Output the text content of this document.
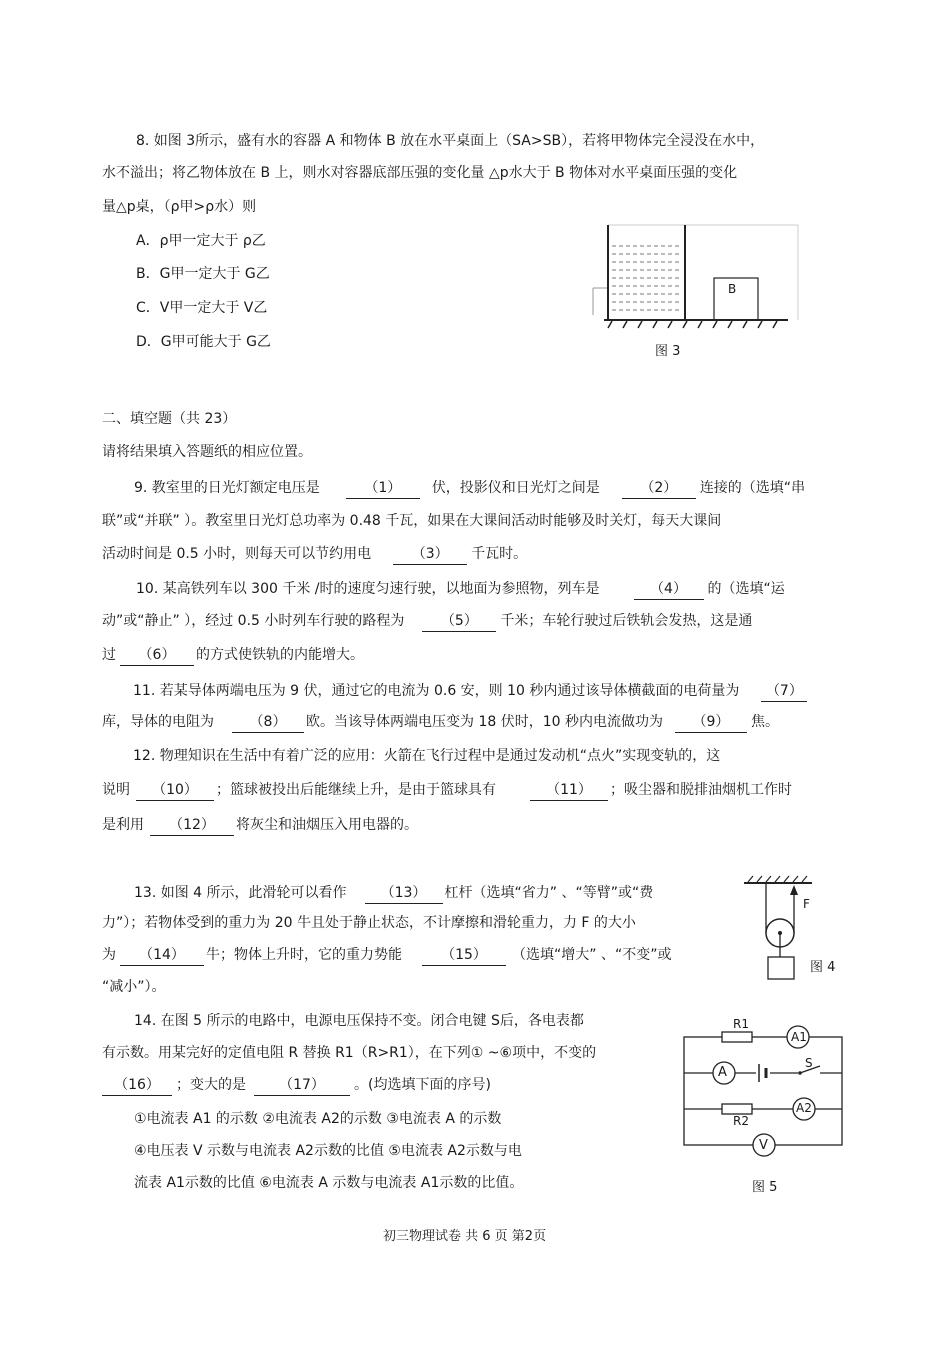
8. 如图 3所示，盛有水的容器 A 和物体 B 放在水平桌面上（SA>SB），若将甲物体完全浸没在水中，
水不溢出；将乙物体放在 B 上，则水对容器底部压强的变化量 △p水大于 B 物体对水平桌面压强的变化
量△p桌，（ρ甲>ρ水）则
A．ρ甲一定大于 ρ乙
B．G甲一定大于 G乙
C．V甲一定大于 V乙
D．G甲可能大于 G乙
B
图 3
二、填空题（共 23）
请将结果填入答题纸的相应位置。
9. 教室里的日光灯额定电压是	（1） 伏，投影仪和日光灯之间是	（2） 连接的（选填“串
联”或“并联” ）。教室里日光灯总功率为 0.48 千瓦，如果在大课间活动时能够及时关灯，每天大课间
活动时间是 0.5 小时，则每天可以节约用电	（3） 千瓦时。
10. 某高铁列车以 300 千米 /时的速度匀速行驶，以地面为参照物，列车是	（4） 的（选填“运
动”或“静止” ），经过 0.5 小时列车行驶的路程为	（5） 千米；车轮行驶过后铁轨会发热，这是通
过 （6） 的方式使铁轨的内能增大。
11. 若某导体两端电压为 9 伏，通过它的电流为 0.6 安，则 10 秒内通过该导体横截面的电荷量为 （7）
库，导体的电阻为	（8） 欧。当该导体两端电压变为 18 伏时，10 秒内电流做功为 （9） 焦。
12. 物理知识在生活中有着广泛的应用：火箭在飞行过程中是通过发动机“点火”实现变轨的，这
说明 （10） ；篮球被投出后能继续上升，是由于篮球具有	（11） ；吸尘器和脱排油烟机工作时
是利用 （12） 将灰尘和油烟压入用电器的。
13. 如图 4 所示，此滑轮可以看作 （13） 杠杆（选填“省力” 、“等臂”或“费
力”）；若物体受到的重力为 20 牛且处于静止状态，不计摩擦和滑轮重力，力 F 的大小
为 （14） 牛；物体上升时，它的重力势能	（15） （选填“增大” 、“不变”或
“减小”）。
F
图 4
14. 在图 5 所示的电路中，电源电压保持不变。闭合电键 S后，各电表都
有示数。用某完好的定值电阻 R 替换 R1（R>R1），在下列① ~⑥项中，不变的
（16） ；变大的是 （17） 。(均选填下面的序号)
①电流表 A1 的示数 ②电流表 A2的示数 ③电流表 A 的示数
④电压表 V 示数与电流表 A2示数的比值 ⑤电流表 A2示数与电
流表 A1示数的比值 ⑥电流表 A 示数与电流表 A1示数的比值。
R1
A1
A
S
R2
A2
V
图 5
初三物理试卷 共 6 页 第2页
